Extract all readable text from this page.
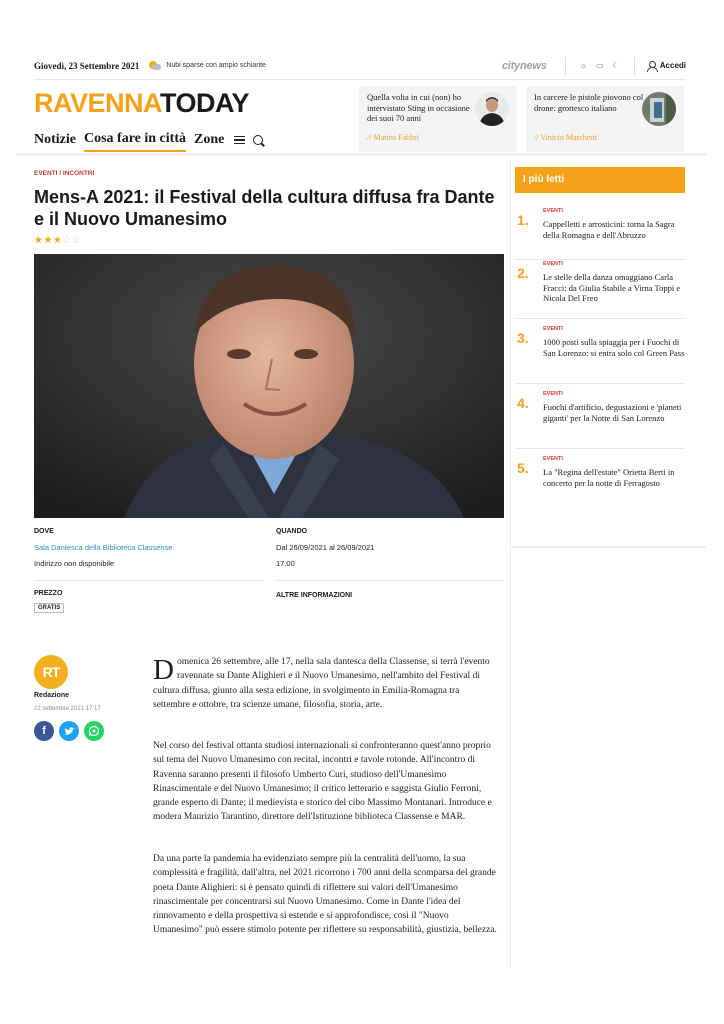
Giovedì, 23 Settembre 2021	Nubi sparse con ampio schiarite	citynews	☼ ▭ ☾	Accedi
RAVENNATODAY
Notizie Cosa fare in città Zone
Quella volta in cui (non) ho intervistato Sting in occasione dei suoi 70 anni
// Matteo Fabbri
In carcere le pistole piovono col drone: grottesco italiano
// Vinicio Marchetti
EVENTI / INCONTRI
Mens-A 2021: il Festival della cultura diffusa fra Dante e il Nuovo Umanesimo
★★★☆☆
DOVE
Sala Dantesca della Biblioteca Classense
Indirizzo non disponibile
PREZZO
GRATIS
QUANDO
Dal 26/09/2021 al 26/09/2021
17.00
ALTRE INFORMAZIONI
RT
Redazione
22 settembre 2021 17:17
f
Domenica 26 settembre, alle 17, nella sala dantesca della Classense, si terrà l'evento ravennate su Dante Alighieri e il Nuovo Umanesimo, nell'ambito del Festival di cultura diffusa, giunto alla sesta edizione, in svolgimento in Emilia-Romagna tra settembre e ottobre, tra scienze umane, filosofia, storia, arte.
Nel corso del festival ottanta studiosi internazionali si confronteranno quest'anno proprio sul tema del Nuovo Umanesimo con recital, incontri e tavole rotonde. All'incontro di Ravenna saranno presenti il filosofo Umberto Curi, studioso dell'Umanesimo Rinascimentale e del Nuovo Umanesimo; il critico letterario e saggista Giulio Ferroni, grande esperto di Dante; il medievista e storico del cibo Massimo Montanari. Introduce e modera Maurizio Tarantino, direttore dell'Istituzione biblioteca Classense e MAR.
Da una parte la pandemia ha evidenziato sempre più la centralità dell'uomo, la sua complessità e fragilità, dall'altra, nel 2021 ricorrono i 700 anni della scomparsa del grande poeta Dante Alighieri: si è pensato quindi di riflettere sui valori dell'Umanesimo rinascimentale per concentrarsi sul Nuovo Umanesimo. Come in Dante l'idea del rinnovamento e della prospettiva si estende e si approfondisce, così il "Nuovo Umanesimo" può essere stimolo potente per riflettere su responsabilità, giustizia, bellezza.
I più letti
1.
EVENTI
Cappelletti e arrosticini: torna la Sagra della Romagna e dell'Abruzzo
2.
EVENTI
Le stelle della danza omaggiano Carla Fracci: da Giulia Stabile a Virna Toppi e Nicola Del Freo
3.
EVENTI
1000 posti sulla spiaggia per i Fuochi di San Lorenzo: si entra solo col Green Pass
4.
EVENTI
Fuochi d'artificio, degustazioni e 'pianeti giganti' per la Notte di San Lorenzo
5.
EVENTI
La "Regina dell'estate" Orietta Berti in concerto per la notte di Ferragosto
